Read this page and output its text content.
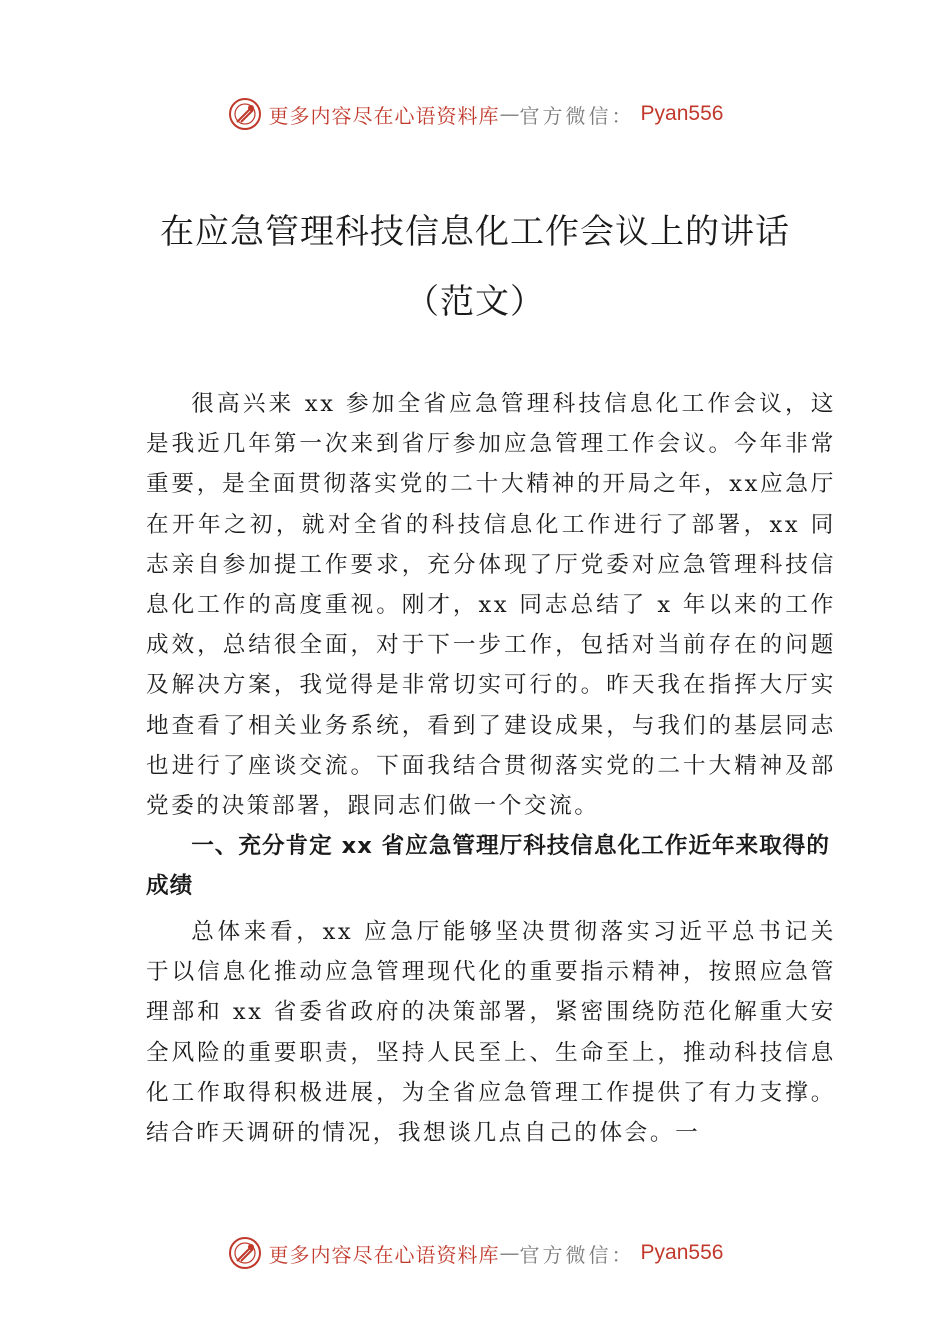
更多内容尽在心语资料库 — 官方微信： Pyan556
在应急管理科技信息化工作会议上的讲话
（范文）

很高兴来 xx 参加全省应急管理科技信息化工作会议，这是我近几年第一次来到省厅参加应急管理工作会议。今年非常重要，是全面贯彻落实党的二十大精神的开局之年，xx应急厅在开年之初，就对全省的科技信息化工作进行了部署，xx 同志亲自参加提工作要求，充分体现了厅党委对应急管理科技信息化工作的高度重视。刚才，xx 同志总结了 x 年以来的工作成效，总结很全面，对于下一步工作，包括对当前存在的问题及解决方案，我觉得是非常切实可行的。昨天我在指挥大厅实地查看了相关业务系统，看到了建设成果，与我们的基层同志也进行了座谈交流。下面我结合贯彻落实党的二十大精神及部党委的决策部署，跟同志们做一个交流。

一、充分肯定 xx 省应急管理厅科技信息化工作近年来取得的成绩

总体来看，xx 应急厅能够坚决贯彻落实习近平总书记关于以信息化推动应急管理现代化的重要指示精神，按照应急管理部和 xx 省委省政府的决策部署，紧密围绕防范化解重大安全风险的重要职责，坚持人民至上、生命至上，推动科技信息化工作取得积极进展，为全省应急管理工作提供了有力支撑。结合昨天调研的情况，我想谈几点自己的体会。一

更多内容尽在心语资料库 — 官方微信： Pyan556
